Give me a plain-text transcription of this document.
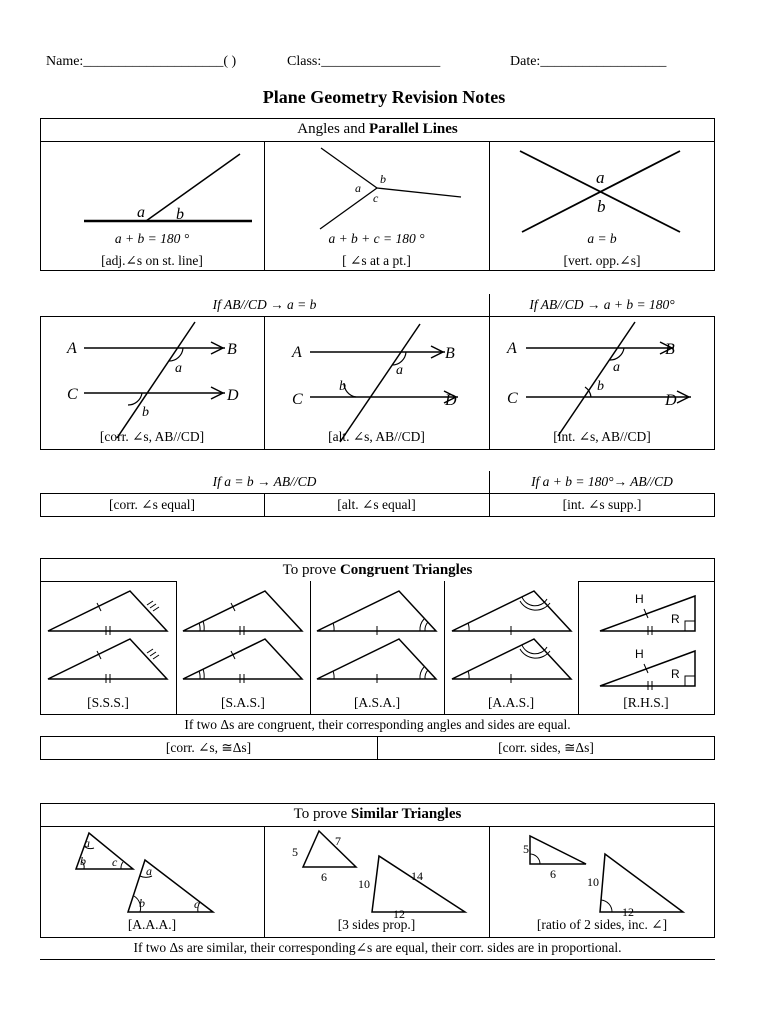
Name:____________________( )	Class:_________________	Date:__________________
Plane Geometry Revision Notes
Angles and Parallel Lines
a b
a
b
c
a
b
a + b = 180 °
[adj.∠s on st. line]
a + b + c = 180 °
[ ∠s at a pt.]
a = b
[vert. opp.∠s]
If AB//CD → a = b	If AB//CD → a + b = 180°
A	B
C	D
a
b
A	B
C	D
a
b
A	B
C	D
a
b
[corr. ∠s, AB//CD]	[alt. ∠s, AB//CD]	[int. ∠s, AB//CD]
If a = b → AB//CD	If a + b = 180°→ AB//CD
[corr. ∠s equal]	[alt. ∠s equal]	[int. ∠s supp.]
To prove Congruent Triangles
H
R
H
R
[S.S.S.]	[S.A.S.]	[A.S.A.]	[A.A.S.]	[R.H.S.]
If two Δs are congruent, their corresponding angles and sides are equal.
[corr. ∠s, ≅Δs]	[corr. sides, ≅Δs]
To prove Similar Triangles
a
b c
a
b	c
5
7
6	10
14
12
5
6
10
12
[A.A.A.]	[3 sides prop.]	[ratio of 2 sides, inc. ∠]
If two Δs are similar, their corresponding∠s are equal, their corr. sides are in proportional.
